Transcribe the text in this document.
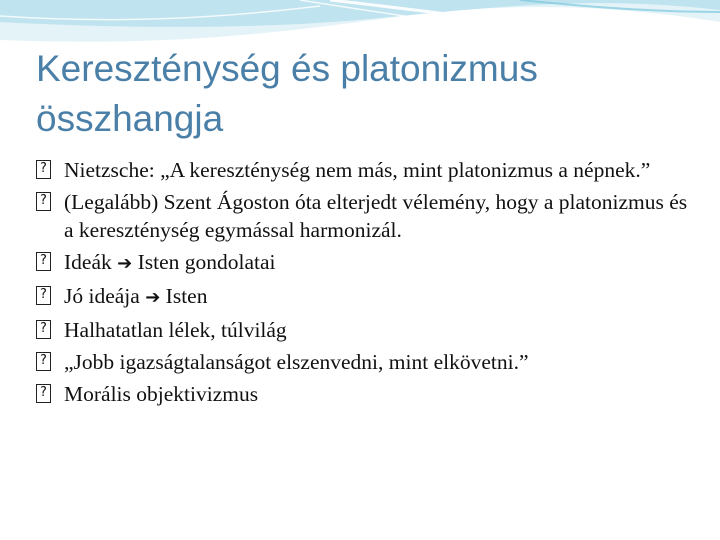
Kereszténység és platonizmus összhangja
? Nietzsche: „A kereszténység nem más, mint platonizmus a népnek.”
? (Legalább) Szent Ágoston óta elterjedt vélemény, hogy a platonizmus és a kereszténység egymással harmonizál.
? Ideák ➔ Isten gondolatai
? Jó ideája ➔ Isten
? Halhatatlan lélek, túlvilág
? „Jobb igazságtalanságot elszenvedni, mint elkövetni.”
? Morális objektivizmus
